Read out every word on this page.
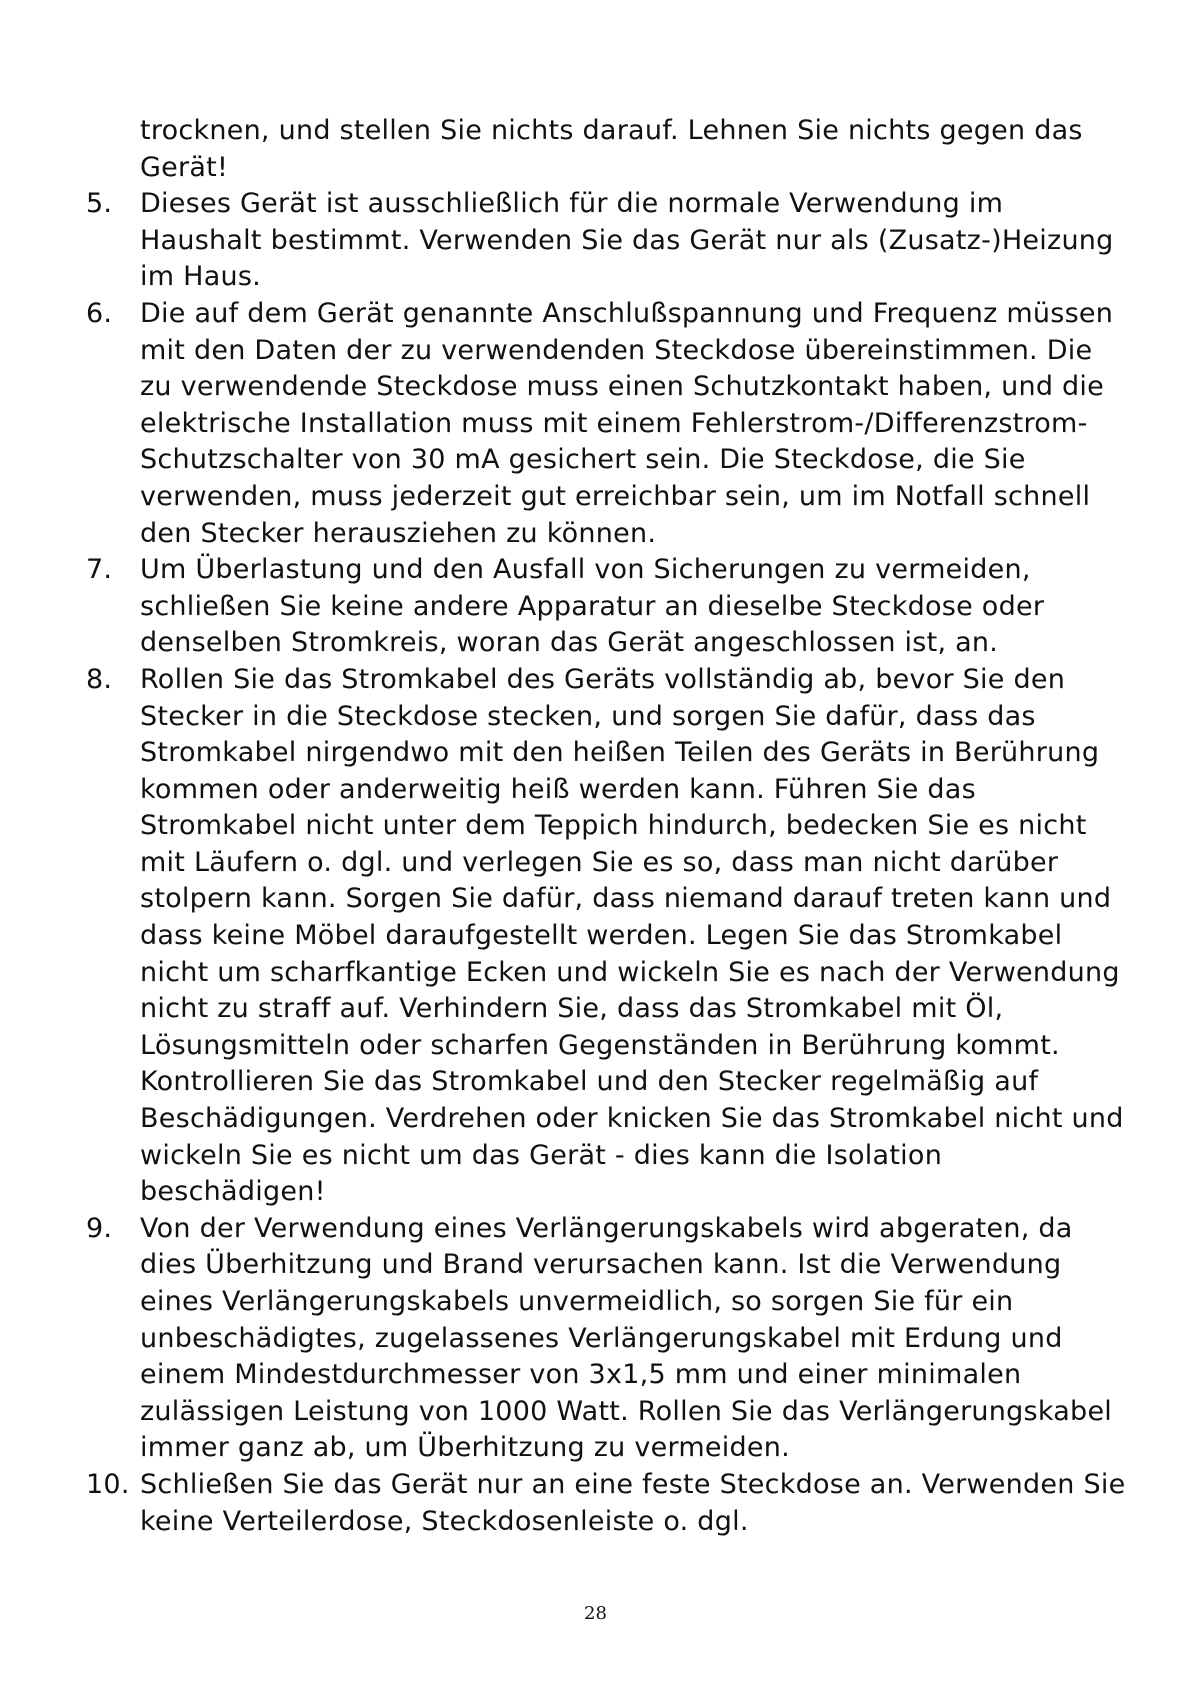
trocknen, und stellen Sie nichts darauf. Lehnen Sie nichts gegen das Gerät!
5. Dieses Gerät ist ausschließlich für die normale Verwendung im Haushalt bestimmt. Verwenden Sie das Gerät nur als (Zusatz-)Heizung im Haus.
6. Die auf dem Gerät genannte Anschlußspannung und Frequenz müssen mit den Daten der zu verwendenden Steckdose übereinstimmen. Die zu verwendende Steckdose muss einen Schutzkontakt haben, und die elektrische Installation muss mit einem Fehlerstrom-/Differenzstrom-Schutzschalter von 30 mA gesichert sein. Die Steckdose, die Sie verwenden, muss jederzeit gut erreichbar sein, um im Notfall schnell den Stecker herausziehen zu können.
7. Um Überlastung und den Ausfall von Sicherungen zu vermeiden, schließen Sie keine andere Apparatur an dieselbe Steckdose oder denselben Stromkreis, woran das Gerät angeschlossen ist, an.
8. Rollen Sie das Stromkabel des Geräts vollständig ab, bevor Sie den Stecker in die Steckdose stecken, und sorgen Sie dafür, dass das Stromkabel nirgendwo mit den heißen Teilen des Geräts in Berührung kommen oder anderweitig heiß werden kann. Führen Sie das Stromkabel nicht unter dem Teppich hindurch, bedecken Sie es nicht mit Läufern o. dgl. und verlegen Sie es so, dass man nicht darüber stolpern kann. Sorgen Sie dafür, dass niemand darauf treten kann und dass keine Möbel daraufgestellt werden. Legen Sie das Stromkabel nicht um scharfkantige Ecken und wickeln Sie es nach der Verwendung nicht zu straff auf. Verhindern Sie, dass das Stromkabel mit Öl, Lösungsmitteln oder scharfen Gegenständen in Berührung kommt. Kontrollieren Sie das Stromkabel und den Stecker regelmäßig auf Beschädigungen. Verdrehen oder knicken Sie das Stromkabel nicht und wickeln Sie es nicht um das Gerät - dies kann die Isolation beschädigen!
9. Von der Verwendung eines Verlängerungskabels wird abgeraten, da dies Überhitzung und Brand verursachen kann. Ist die Verwendung eines Verlängerungskabels unvermeidlich, so sorgen Sie für ein unbeschädigtes, zugelassenes Verlängerungskabel mit Erdung und einem Mindestdurchmesser von 3x1,5 mm und einer minimalen zulässigen Leistung von 1000 Watt. Rollen Sie das Verlängerungskabel immer ganz ab, um Überhitzung zu vermeiden.
10. Schließen Sie das Gerät nur an eine feste Steckdose an. Verwenden Sie keine Verteilerdose, Steckdosenleiste o. dgl.
28
